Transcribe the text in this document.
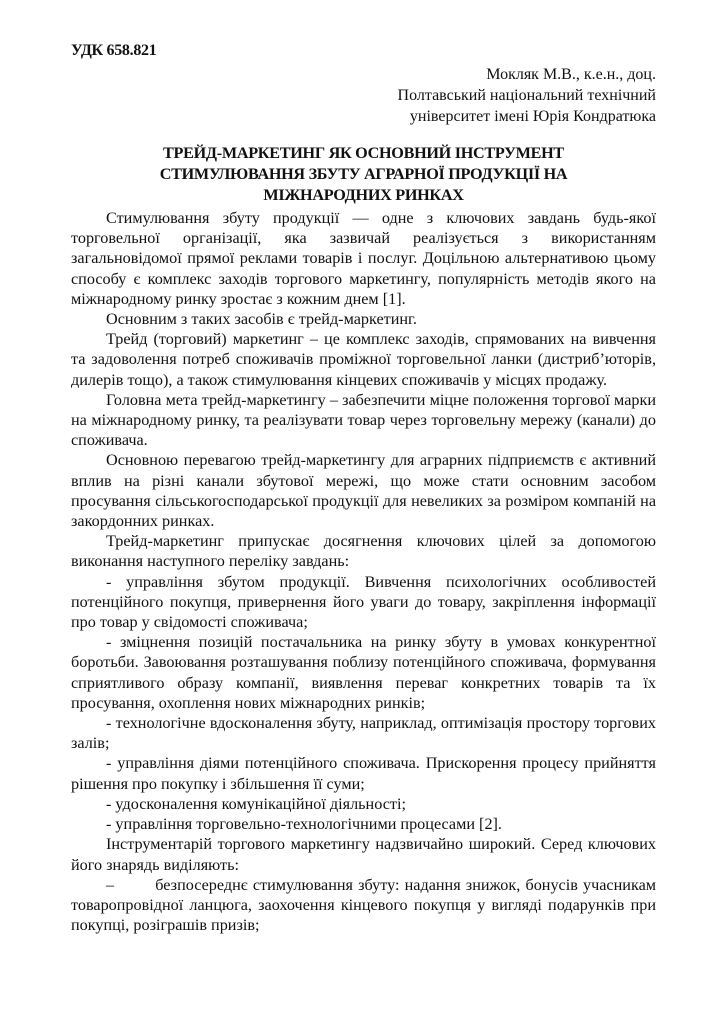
УДК 658.821
Мокляк М.В., к.е.н., доц.
Полтавський національний технічний
університет імені Юрія Кондратюка
ТРЕЙД-МАРКЕТИНГ ЯК ОСНОВНИЙ ІНСТРУМЕНТ
СТИМУЛЮВАННЯ ЗБУТУ АГРАРНОЇ ПРОДУКЦІЇ НА
МІЖНАРОДНИХ РИНКАХ

Стимулювання збуту продукції — одне з ключових завдань будь-якої торговельної організації, яка зазвичай реалізується з використанням загальновідомої прямої реклами товарів і послуг. Доцільною альтернативою цьому способу є комплекс заходів торгового маркетингу, популярність методів якого на міжнародному ринку зростає з кожним днем [1].

Основним з таких засобів є трейд-маркетинг.

Трейд (торговий) маркетинг – це комплекс заходів, спрямованих на вивчення та задоволення потреб споживачів проміжної торговельної ланки (дистриб’юторів, дилерів тощо), а також стимулювання кінцевих споживачів у місцях продажу.

Головна мета трейд-маркетингу – забезпечити міцне положення торгової марки на міжнародному ринку, та реалізувати товар через торговельну мережу (канали) до споживача.

Основною перевагою трейд-маркетингу для аграрних підприємств є активний вплив на різні канали збутової мережі, що може стати основним засобом просування сільськогосподарської продукції для невеликих за розміром компаній на закордонних ринках.

Трейд-маркетинг припускає досягнення ключових цілей за допомогою виконання наступного переліку завдань:

- управління збутом продукції. Вивчення психологічних особливостей потенційного покупця, привернення його уваги до товару, закріплення інформації про товар у свідомості споживача;

- зміцнення позицій постачальника на ринку збуту в умовах конкурентної боротьби. Завоювання розташування поблизу потенційного споживача, формування сприятливого образу компанії, виявлення переваг конкретних товарів та їх просування, охоплення нових міжнародних ринків;

- технологічне вдосконалення збуту, наприклад, оптимізація простору торгових залів;

- управління діями потенційного споживача. Прискорення процесу прийняття рішення про покупку і збільшення її суми;

- удосконалення комунікаційної діяльності;

- управління торговельно-технологічними процесами [2].

Інструментарій торгового маркетингу надзвичайно широкий. Серед ключових його знарядь виділяють:

–        безпосереднє стимулювання збуту: надання знижок, бонусів учасникам товаропровідної ланцюга, заохочення кінцевого покупця у вигляді подарунків при покупці, розіграшів призів;
